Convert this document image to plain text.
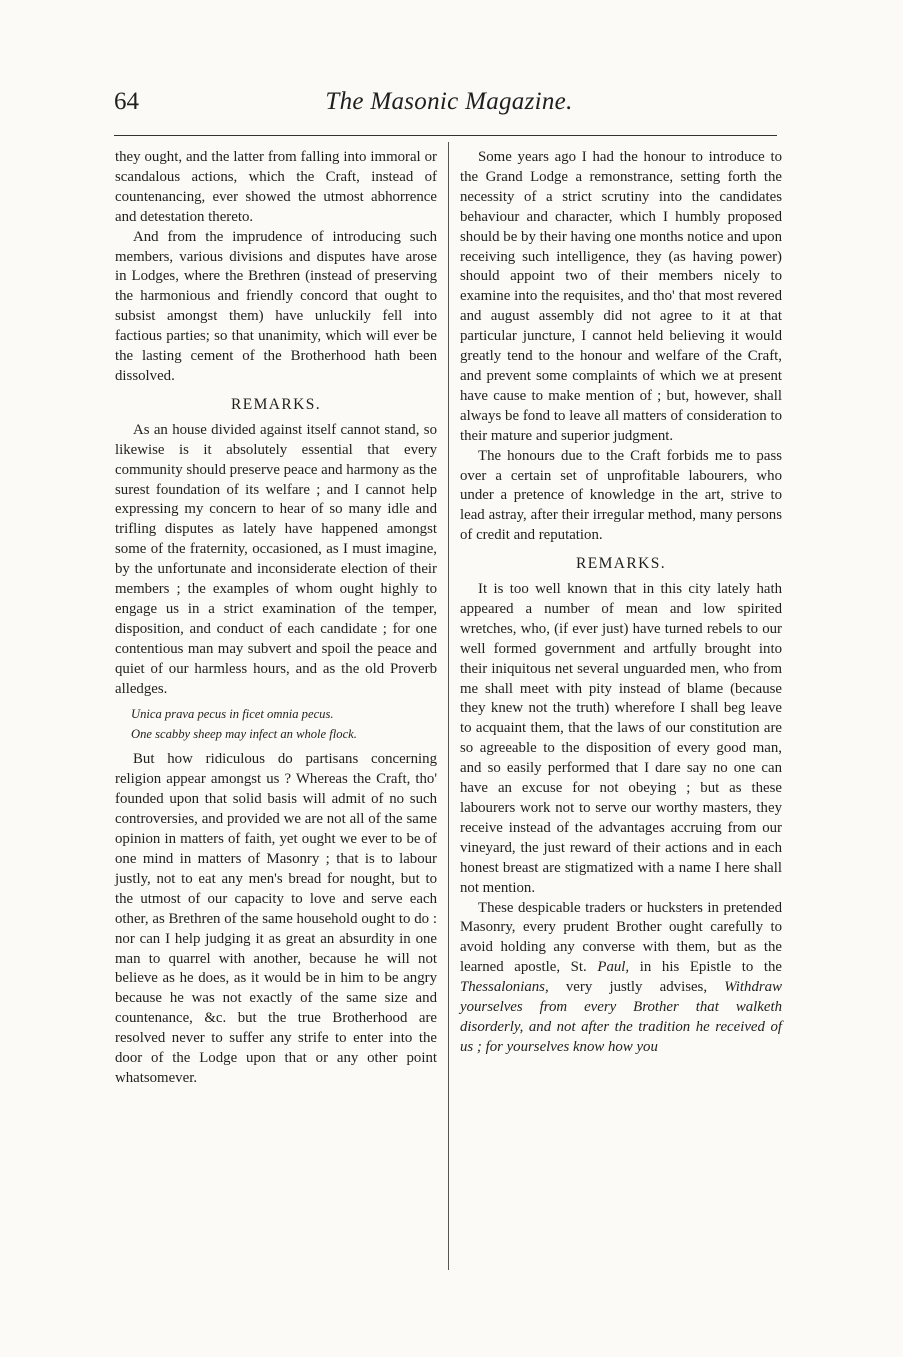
64	The Masonic Magazine.

they ought, and the latter from falling into immoral or scandalous actions, which the Craft, instead of countenancing, ever showed the utmost abhorrence and detestation thereto.

And from the imprudence of introducing such members, various divisions and disputes have arose in Lodges, where the Brethren (instead of preserving the harmonious and friendly concord that ought to subsist amongst them) have unluckily fell into factious parties; so that unanimity, which will ever be the lasting cement of the Brotherhood hath been dissolved.

REMARKS.

As an house divided against itself cannot stand, so likewise is it absolutely essential that every community should preserve peace and harmony as the surest foundation of its welfare ; and I cannot help expressing my concern to hear of so many idle and trifling disputes as lately have happened amongst some of the fraternity, occasioned, as I must imagine, by the unfortunate and inconsiderate election of their members ; the examples of whom ought highly to engage us in a strict examination of the temper, disposition, and conduct of each candidate ; for one contentious man may subvert and spoil the peace and quiet of our harmless hours, and as the old Proverb alledges.

Unica prava pecus in ficet omnia pecus.
One scabby sheep may infect an whole flock.

But how ridiculous do partisans concerning religion appear amongst us ? Whereas the Craft, tho' founded upon that solid basis will admit of no such controversies, and provided we are not all of the same opinion in matters of faith, yet ought we ever to be of one mind in matters of Masonry ; that is to labour justly, not to eat any men's bread for nought, but to the utmost of our capacity to love and serve each other, as Brethren of the same household ought to do : nor can I help judging it as great an absurdity in one man to quarrel with another, because he will not believe as he does, as it would be in him to be angry because he was not exactly of the same size and countenance, &c. but the true Brotherhood are resolved never to suffer any strife to enter into the door of the Lodge upon that or any other point whatsomever.

Some years ago I had the honour to introduce to the Grand Lodge a remonstrance, setting forth the necessity of a strict scrutiny into the candidates behaviour and character, which I humbly proposed should be by their having one months notice and upon receiving such intelligence, they (as having power) should appoint two of their members nicely to examine into the requisites, and tho' that most revered and august assembly did not agree to it at that particular juncture, I cannot held believing it would greatly tend to the honour and welfare of the Craft, and prevent some complaints of which we at present have cause to make mention of ; but, however, shall always be fond to leave all matters of consideration to their mature and superior judgment.

The honours due to the Craft forbids me to pass over a certain set of unprofitable labourers, who under a pretence of knowledge in the art, strive to lead astray, after their irregular method, many persons of credit and reputation.

REMARKS.

It is too well known that in this city lately hath appeared a number of mean and low spirited wretches, who, (if ever just) have turned rebels to our well formed government and artfully brought into their iniquitous net several unguarded men, who from me shall meet with pity instead of blame (because they knew not the truth) wherefore I shall beg leave to acquaint them, that the laws of our constitution are so agreeable to the disposition of every good man, and so easily performed that I dare say no one can have an excuse for not obeying ; but as these labourers work not to serve our worthy masters, they receive instead of the advantages accruing from our vineyard, the just reward of their actions and in each honest breast are stigmatized with a name I here shall not mention.

These despicable traders or hucksters in pretended Masonry, every prudent Brother ought carefully to avoid holding any converse with them, but as the learned apostle, St. Paul, in his Epistle to the Thessalonians, very justly advises, Withdraw yourselves from every Brother that walketh disorderly, and not after the tradition he received of us ; for yourselves know how you
